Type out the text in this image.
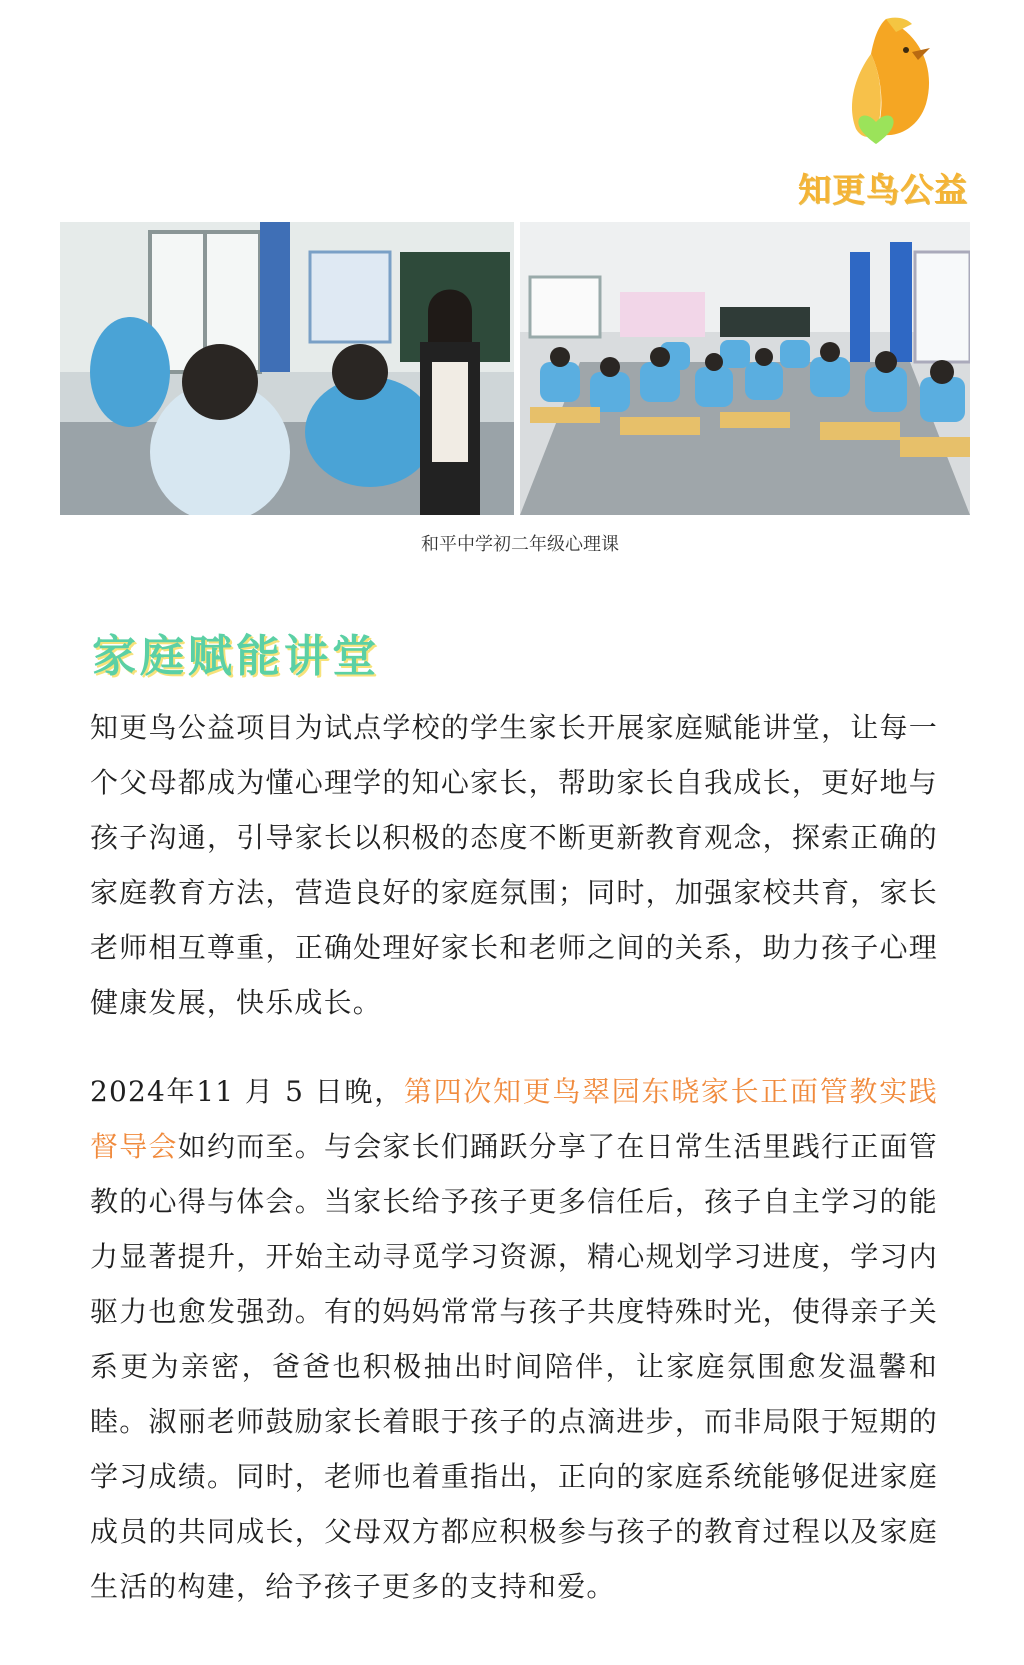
知更鸟公益
和平中学初二年级心理课
家庭赋能讲堂
知更鸟公益项目为试点学校的学生家长开展家庭赋能讲堂，让每一个父母都成为懂心理学的知心家长，帮助家长自我成长，更好地与孩子沟通，引导家长以积极的态度不断更新教育观念，探索正确的家庭教育方法，营造良好的家庭氛围；同时，加强家校共育，家长老师相互尊重，正确处理好家长和老师之间的关系，助力孩子心理健康发展，快乐成长。
2024年11 月 5 日晚，第四次知更鸟翠园东晓家长正面管教实践督导会如约而至。与会家长们踊跃分享了在日常生活里践行正面管教的心得与体会。当家长给予孩子更多信任后，孩子自主学习的能力显著提升，开始主动寻觅学习资源，精心规划学习进度，学习内驱力也愈发强劲。有的妈妈常常与孩子共度特殊时光，使得亲子关系更为亲密，爸爸也积极抽出时间陪伴，让家庭氛围愈发温馨和睦。淑丽老师鼓励家长着眼于孩子的点滴进步，而非局限于短期的学习成绩。同时，老师也着重指出，正向的家庭系统能够促进家庭成员的共同成长，父母双方都应积极参与孩子的教育过程以及家庭生活的构建，给予孩子更多的支持和爱。
